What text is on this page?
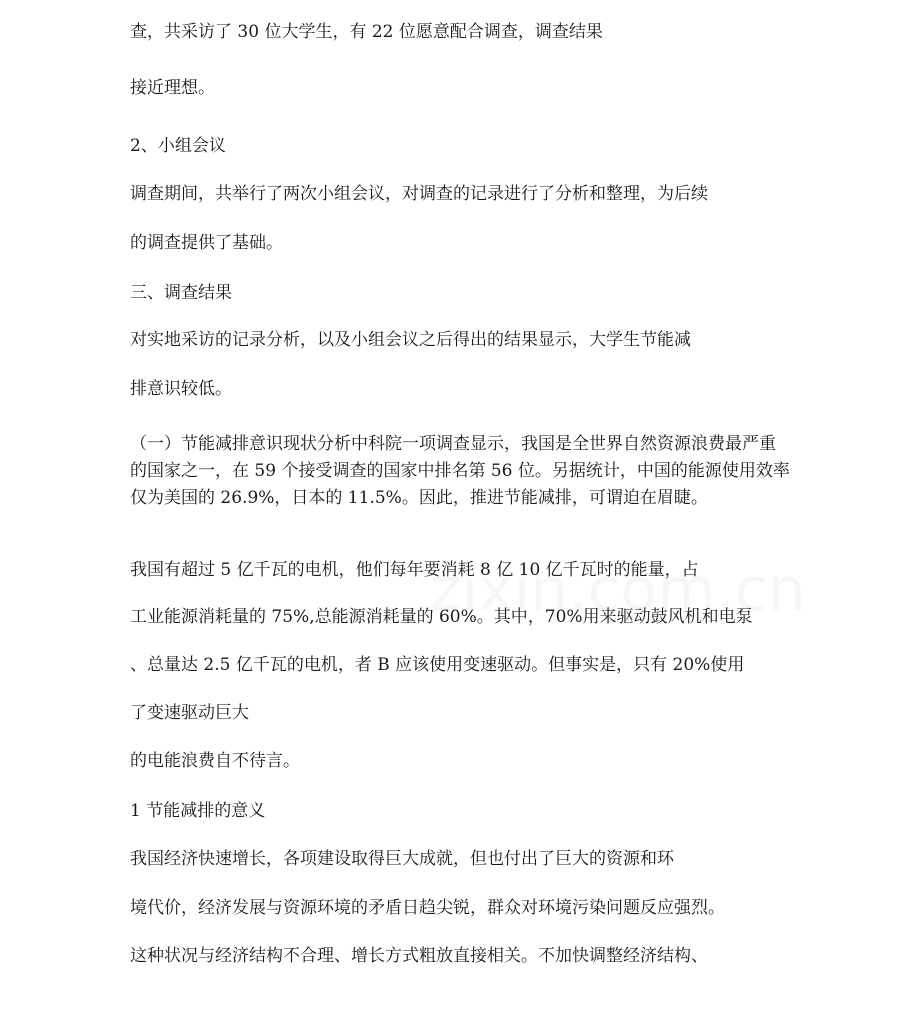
查，共采访了 30 位大学生，有 22 位愿意配合调查，调查结果

接近理想。

2、小组会议

调查期间，共举行了两次小组会议，对调查的记录进行了分析和整理，为后续

的调查提供了基础。

三、调查结果

对实地采访的记录分析，以及小组会议之后得出的结果显示，大学生节能减

排意识较低。

（一）节能减排意识现状分析中科院一项调查显示，我国是全世界自然资源浪费最严重的国家之一，在 59 个接受调查的国家中排名第 56 位。另据统计，中国的能源使用效率仅为美国的 26.9%，日本的 11.5%。因此，推进节能减排，可谓迫在眉睫。

我国有超过 5 亿千瓦的电机，他们每年要消耗 8 亿 10 亿千瓦时的能量，占

工业能源消耗量的 75%,总能源消耗量的 60%。其中，70%用来驱动鼓风机和电泵

、总量达 2.5 亿千瓦的电机，者 B 应该使用变速驱动。但事实是，只有 20%使用

了变速驱动巨大

的电能浪费自不待言。

1 节能减排的意义

我国经济快速增长，各项建设取得巨大成就，但也付出了巨大的资源和环

境代价，经济发展与资源环境的矛盾日趋尖锐，群众对环境污染问题反应强烈。

这种状况与经济结构不合理、增长方式粗放直接相关。不加快调整经济结构、
